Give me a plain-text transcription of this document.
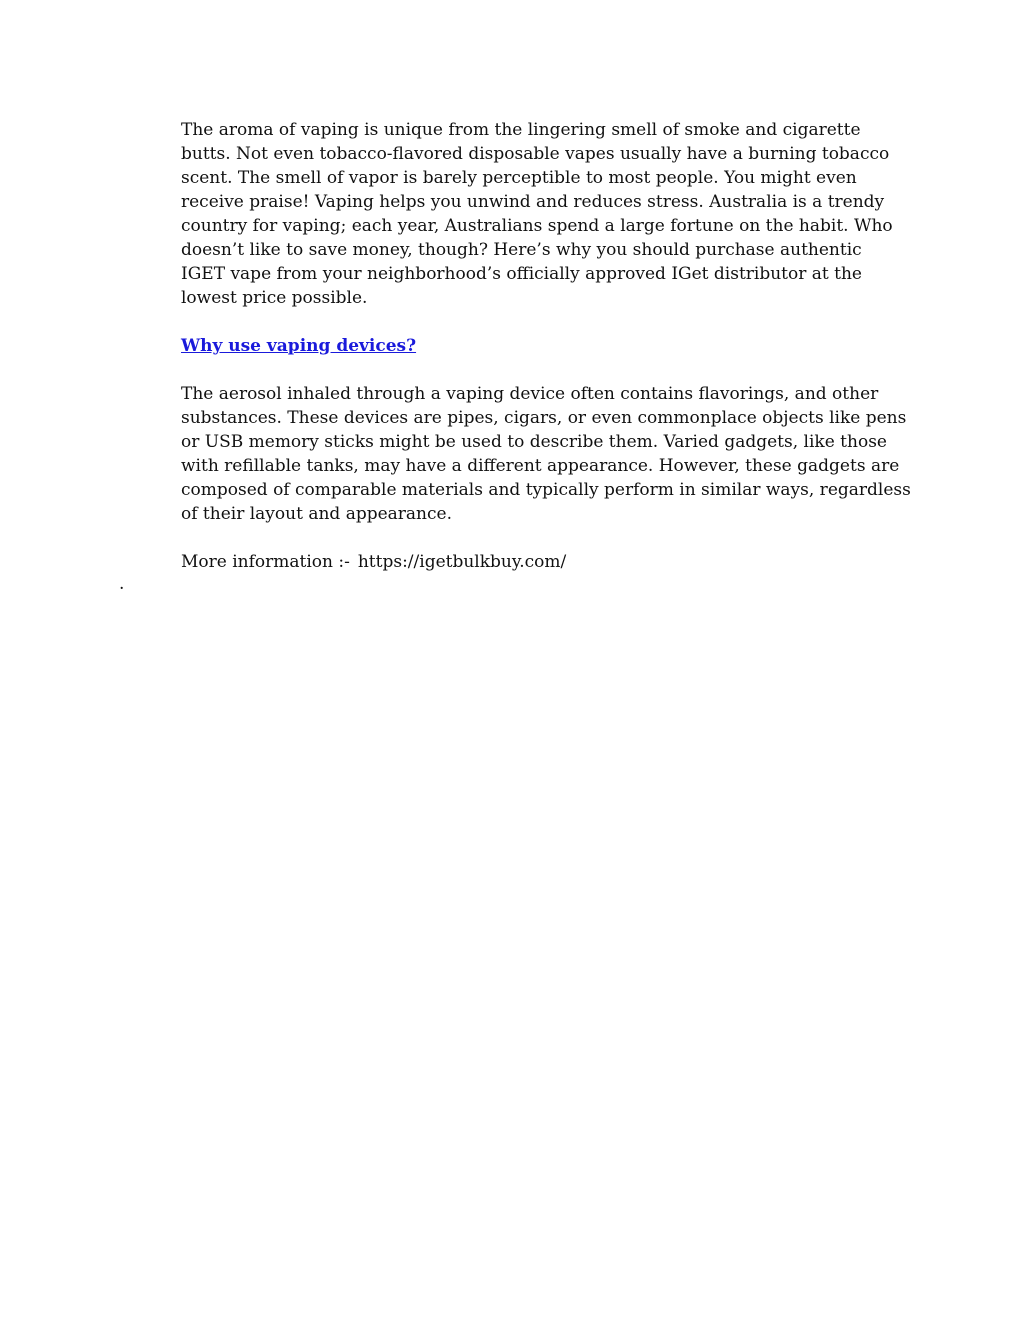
The aroma of vaping is unique from the lingering smell of smoke and cigarette butts. Not even tobacco-flavored disposable vapes usually have a burning tobacco scent. The smell of vapor is barely perceptible to most people. You might even receive praise! Vaping helps you unwind and reduces stress. Australia is a trendy country for vaping; each year, Australians spend a large fortune on the habit. Who doesn’t like to save money, though? Here’s why you should purchase authentic IGET vape from your neighborhood’s officially approved IGet distributor at the lowest price possible.

Why use vaping devices?

The aerosol inhaled through a vaping device often contains flavorings, and other substances. These devices are pipes, cigars, or even commonplace objects like pens or USB memory sticks might be used to describe them. Varied gadgets, like those with refillable tanks, may have a different appearance. However, these gadgets are composed of comparable materials and typically perform in similar ways, regardless of their layout and appearance.

More information :- https://igetbulkbuy.com/

.
